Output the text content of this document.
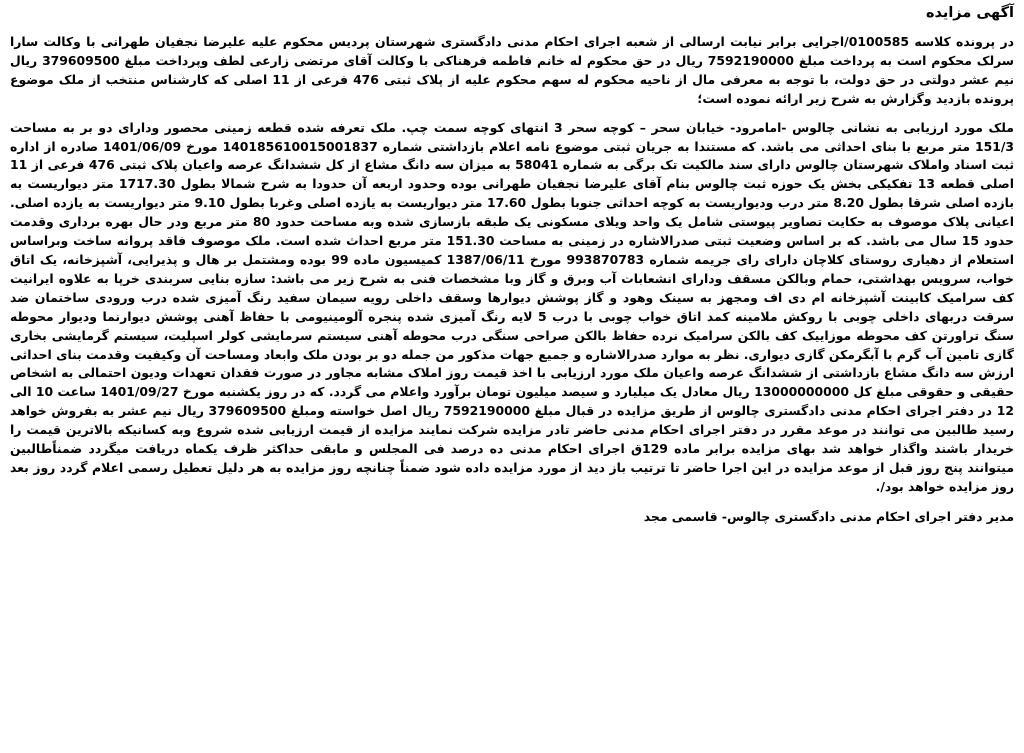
آگهی مزایده

در پرونده کلاسه 0100585/اجرایی برابر نیابت ارسالی از شعبه اجرای احکام مدنی دادگستری شهرستان پردیس محکوم علیه علیرضا نجفیان طهرانی با وکالت سارا سرلک محکوم است به پرداخت مبلغ 7592190000 ریال در حق محکوم له خانم فاطمه فرهناکی با وکالت آقای مرتضی زارعی لطف وپرداخت مبلغ 379609500 ریال نیم عشر دولتی در حق دولت، با توجه به معرفی مال از ناحیه محکوم له سهم محکوم علیه از پلاک ثبتی 476 فرعی از 11 اصلی که کارشناس منتخب از ملک موضوع پرونده بازدید وگزارش به شرح زیر ارائه نموده است؛

ملک مورد ارزیابی به نشانی چالوس -امامرود- خیابان سحر – کوچه سحر 3 انتهای کوچه سمت چپ. ملک تعرفه شده قطعه زمینی محصور ودارای دو بر به مساحت 151/3 متر مربع با بنای احداثی می باشد. که مستندا به جریان ثبتی موضوع نامه اعلام بازداشتی شماره 140185610015001837 مورخ 1401/06/09 صادره از اداره ثبت اسناد واملاک شهرستان چالوس دارای سند مالکیت تک برگی به شماره 58041 به میزان سه دانگ مشاع از کل ششدانگ عرصه واعیان پلاک ثبتی 476 فرعی از 11 اصلی قطعه 13 تفکیکی بخش یک حوزه ثبت چالوس بنام آقای علیرضا نجفیان طهرانی بوده وحدود اربعه آن حدودا به شرح شمالا بطول 1717.30 متر دیواریست به بازده اصلی شرقا بطول 8.20 متر درب ودیواریست به کوچه احداثی جنوبا بطول 17.60 متر دیواریست به یازده اصلی وغربا بطول 9.10 متر دیواریست به یازده اصلی. اعیانی پلاک موصوف به حکایت تصاویر پیوستی شامل یک واحد ویلای مسکونی یک طبقه بازسازی شده وبه مساحت حدود 80 متر مربع ودر حال بهره برداری وقدمت حدود 15 سال می باشد. که بر اساس وضعیت ثبتی صدرالاشاره در زمینی به مساحت 151.30 متر مربع احداث شده است. ملک موصوف فاقد پروانه ساخت وبراساس استعلام از دهیاری روستای کلاچان دارای رای جریمه شماره 993870783 مورخ 1387/06/11 کمیسیون ماده 99 بوده ومشتمل بر هال و پذیرایی، آشپزخانه، یک اتاق خواب، سرویس بهداشتی، حمام وبالکن مسقف ودارای انشعابات آب وبرق و گاز وبا مشخصات فنی به شرح زیر می باشد: سازه بنایی سربندی خرپا به علاوه ایرانیت کف سرامیک کابینت آشپزخانه ام دی اف ومجهز به سینک وهود و گاز پوشش دیوارها وسقف داخلی رویه سیمان سفید رنگ آمیزی شده درب ورودی ساختمان ضد سرقت دربهای داخلی چوبی با روکش ملامینه کمد اتاق خواب چوبی با درب 5 لایه رنگ آمیزی شده پنجره آلومینیومی با حفاظ آهنی پوشش دیوارنما ودیوار محوطه سنگ تراورتن کف محوطه موزاییک کف بالکن سرامیک نرده حفاظ بالکن صراحی سنگی درب محوطه آهنی سیستم سرمایشی کولر اسپلیت، سیستم گرمایشی بخاری گازی تامین آب گرم با آبگرمکن گازی دیواری. نظر به موارد صدرالاشاره و جمیع جهات مذکور من جمله دو بر بودن ملک وابعاد ومساحت آن وکیفیت وقدمت بنای احداثی ارزش سه دانگ مشاع بازداشتی از ششدانگ عرصه واعیان ملک مورد ارزیابی با اخذ قیمت روز املاک مشابه مجاور در صورت فقدان تعهدات ودیون احتمالی به اشخاص حقیقی و حقوقی مبلغ کل 13000000000 ریال معادل یک میلیارد و سیصد میلیون تومان برآورد واعلام می گردد. که در روز یکشنبه مورخ 1401/09/27 ساعت 10 الی 12 در دفتر اجرای احکام مدنی دادگستری چالوس از طریق مزایده در قبال مبلغ 7592190000 ریال اصل خواسته ومبلغ 379609500 ریال نیم عشر به بفروش خواهد رسید طالبین می توانند در موعد مقرر در دفتر اجرای احکام مدنی حاضر تادر مزایده شرکت نمایند مزایده از قیمت ارزیابی شده شروع وبه کسانیکه بالاترین قیمت را خریدار باشند واگذار خواهد شد بهای مزایده برابر ماده 129ق اجرای احکام مدنی ده درصد فی المجلس و مابقی حداکثر ظرف یکماه دریافت میگردد ضمناًطالبین میتوانند پنج روز قبل از موعد مزایده در این اجرا حاضر تا ترتیب باز دید از مورد مزایده داده شود ضمناً چنانچه روز مزایده به هر دلیل تعطیل رسمی اعلام گردد روز بعد روز مزایده خواهد بود/.

مدیر دفتر اجرای احکام مدنی دادگستری چالوس- قاسمی مجد
